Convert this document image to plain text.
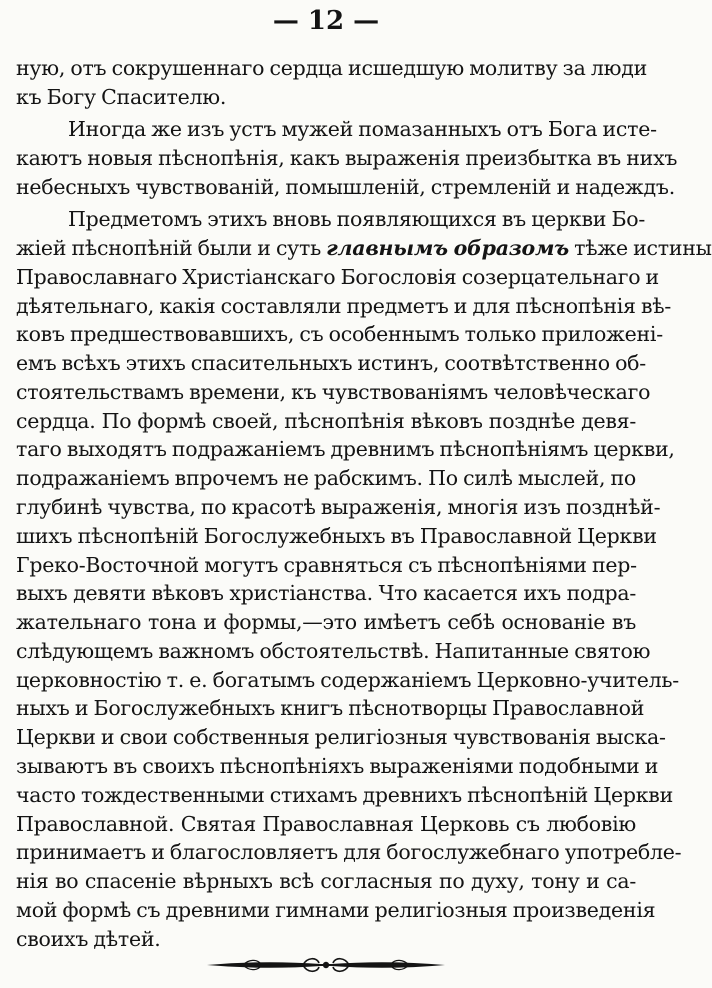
— 12 —
ную, отъ сокрушеннаго сердца исшедшую молитву за люди
къ Богу Спасителю.
Иногда же изъ устъ мужей помазанныхъ отъ Бога исте-
каютъ новыя пѣснопѣнія, какъ выраженія преизбытка въ нихъ
небесныхъ чувствованій, помышленій, стремленій и надеждъ.
Предметомъ этихъ вновь появляющихся въ церкви Бо-
жіей пѣснопѣній были и суть главнымъ образомъ тѣже истины
Православнаго Христіанскаго Богословія созерцательнаго и
дѣятельнаго, какія составляли предметъ и для пѣснопѣнія вѣ-
ковъ предшествовавшихъ, съ особеннымъ только приложені-
емъ всѣхъ этихъ спасительныхъ истинъ, соотвѣтственно об-
стоятельствамъ времени, къ чувствованіямъ человѣческаго
сердца. По формѣ своей, пѣснопѣнія вѣковъ позднѣе девя-
таго выходятъ подражаніемъ древнимъ пѣснопѣніямъ церкви,
подражаніемъ впрочемъ не рабскимъ. По силѣ мыслей, по
глубинѣ чувства, по красотѣ выраженія, многія изъ позднѣй-
шихъ пѣснопѣній Богослужебныхъ въ Православной Церкви
Греко-Восточной могутъ сравняться съ пѣснопѣніями пер-
выхъ девяти вѣковъ христіанства. Что касается ихъ подра-
жательнаго тона и формы,—это имѣетъ себѣ основаніе въ
слѣдующемъ важномъ обстоятельствѣ. Напитанные святою
церковностію т. е. богатымъ содержаніемъ Церковно-учитель-
ныхъ и Богослужебныхъ книгъ пѣснотворцы Православной
Церкви и свои собственныя религіозныя чувствованія выска-
зываютъ въ своихъ пѣснопѣніяхъ выраженіями подобными и
часто тождественными стихамъ древнихъ пѣснопѣній Церкви
Православной. Святая Православная Церковь съ любовію
принимаетъ и благословляетъ для богослужебнаго употребле-
нія во спасеніе вѣрныхъ всѣ согласныя по духу, тону и са-
мой формѣ съ древними гимнами религіозныя произведенія
своихъ дѣтей.
